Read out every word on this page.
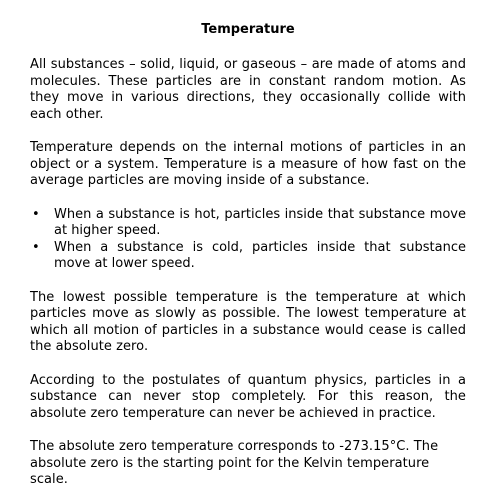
Temperature

All substances – solid, liquid, or gaseous – are made of atoms and molecules. These particles are in constant random motion. As they move in various directions, they occasionally collide with each other.

Temperature depends on the internal motions of particles in an object or a system. Temperature is a measure of how fast on the average particles are moving inside of a substance.

• When a substance is hot, particles inside that substance move at higher speed.
• When a substance is cold, particles inside that substance move at lower speed.

The lowest possible temperature is the temperature at which particles move as slowly as possible. The lowest temperature at which all motion of particles in a substance would cease is called the absolute zero.

According to the postulates of quantum physics, particles in a substance can never stop completely. For this reason, the absolute zero temperature can never be achieved in practice.

The absolute zero temperature corresponds to -273.15°C. The absolute zero is the starting point for the Kelvin temperature scale.
